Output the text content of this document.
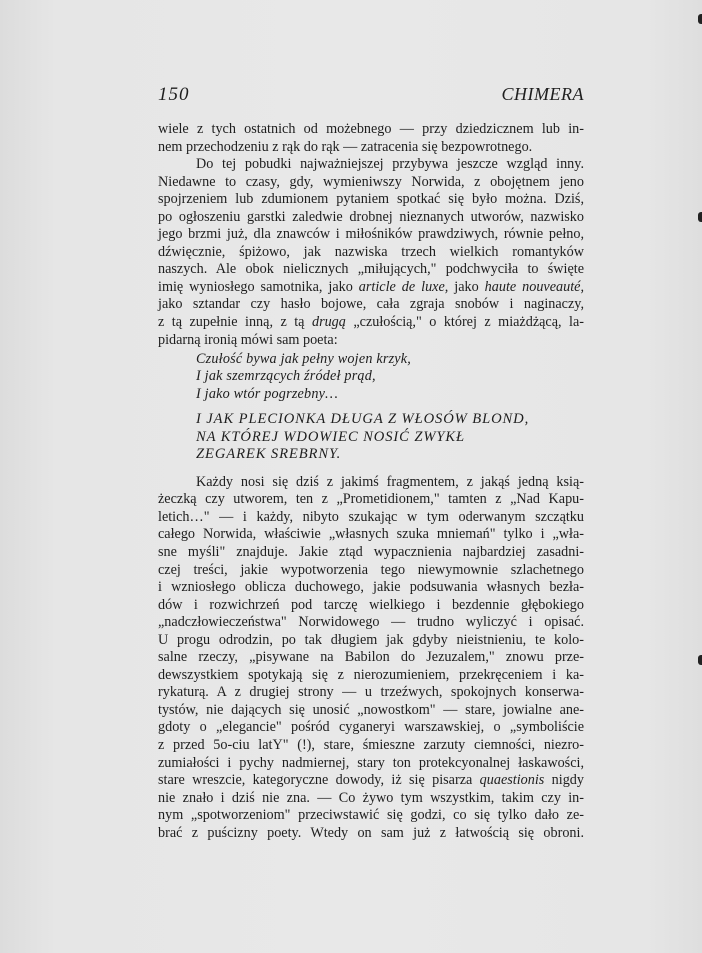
150	CHIMERA
wiele z tych ostatnich od możebnego — przy dziedzicznem lub in-
nem przechodzeniu z rąk do rąk — zatracenia się bezpowrotnego.
Do tej pobudki najważniejszej przybywa jeszcze wzgląd inny.
Niedawne to czasy, gdy, wymieniwszy Norwida, z obojętnem jeno
spojrzeniem lub zdumionem pytaniem spotkać się było można. Dziś,
po ogłoszeniu garstki zaledwie drobnej nieznanych utworów, nazwisko
jego brzmi już, dla znawców i miłośników prawdziwych, równie pełno,
dźwięcznie, śpiżowo, jak nazwiska trzech wielkich romantyków
naszych. Ale obok nielicznych „miłujących," podchwyciła to święte
imię wyniosłego samotnika, jako article de luxe, jako haute nouveauté,
jako sztandar czy hasło bojowe, cała zgraja snobów i naginaczy,
z tą zupełnie inną, z tą drugą „czułością," o której z miażdżącą, la-
pidarną ironią mówi sam poeta:
Czułość bywa jak pełny wojen krzyk,
I jak szemrzących źródeł prąd,
I jako wtór pogrzebny…
I JAK PLECIONKA DŁUGA Z WŁOSÓW BLOND,
NA KTÓREJ WDOWIEC NOSIĆ ZWYKŁ
ZEGAREK SREBRNY.
Każdy nosi się dziś z jakimś fragmentem, z jakąś jedną ksią-
żeczką czy utworem, ten z „Prometidionem," tamten z „Nad Kapu-
letich…" — i każdy, nibyto szukając w tym oderwanym szczątku
całego Norwida, właściwie „własnych szuka mniemań" tylko i „wła-
sne myśli" znajduje. Jakie ztąd wypacznienia najbardziej zasadni-
czej treści, jakie wypotworzenia tego niewymownie szlachetnego
i wzniosłego oblicza duchowego, jakie podsuwania własnych bezła-
dów i rozwichrzeń pod tarczę wielkiego i bezdennie głębokiego
„nadczłowieczeństwa" Norwidowego — trudno wyliczyć i opisać.
U progu odrodzin, po tak długiem jak gdyby nieistnieniu, te kolo-
salne rzeczy, „pisywane na Babilon do Jezuzalem," znowu prze-
dewszystkiem spotykają się z nierozumieniem, przekręceniem i ka-
rykaturą. A z drugiej strony — u trzeźwych, spokojnych konserwa-
tystów, nie dających się unosić „nowostkom" — stare, jowialne ane-
gdoty o „elegancie" pośród cyganeryi warszawskiej, o „symboliście
z przed 5o-ciu latY" (!), stare, śmieszne zarzuty ciemności, niezro-
zumiałości i pychy nadmiernej, stary ton protekcyonalnej łaskawości,
stare wreszcie, kategoryczne dowody, iż się pisarza quaestionis nigdy
nie znało i dziś nie zna. — Co żywo tym wszystkim, takim czy in-
nym „spotworzeniom" przeciwstawić się godzi, co się tylko dało ze-
brać z puścizny poety. Wtedy on sam już z łatwością się obroni.
